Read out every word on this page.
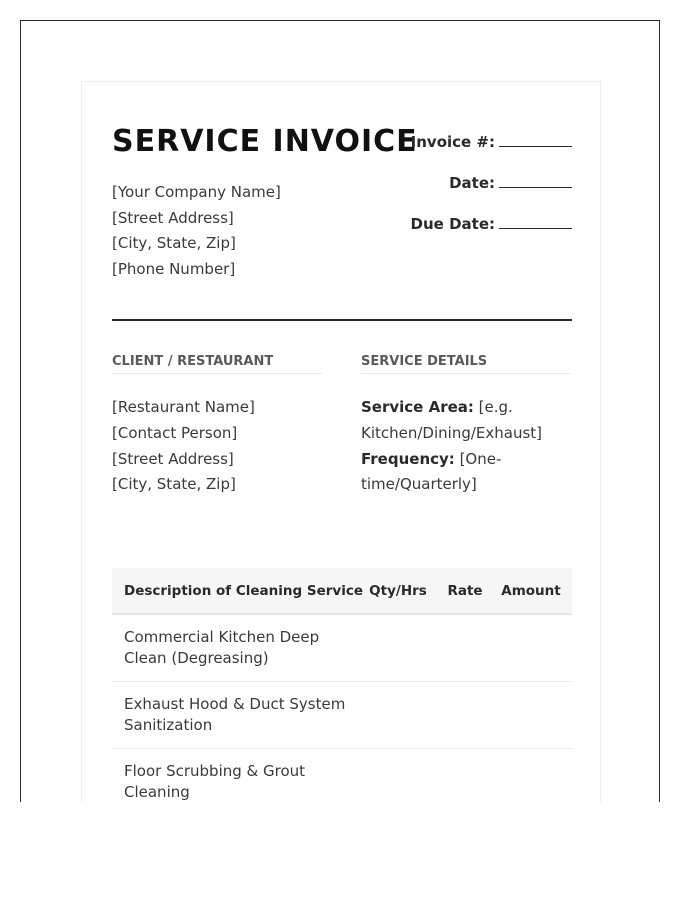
SERVICE INVOICE
[Your Company Name]
[Street Address]
[City, State, Zip]
[Phone Number]
Invoice #:
Date:
Due Date:
CLIENT / RESTAURANT
[Restaurant Name]
[Contact Person]
[Street Address]
[City, State, Zip]
SERVICE DETAILS
Service Area: [e.g.
Kitchen/Dining/Exhaust]
Frequency: [One-
time/Quarterly]
Description of Cleaning Service	Qty/Hrs	Rate	Amount

Commercial Kitchen Deep
Clean (Degreasing)			

Exhaust Hood & Duct System
Sanitization			

Floor Scrubbing & Grout
Cleaning			
